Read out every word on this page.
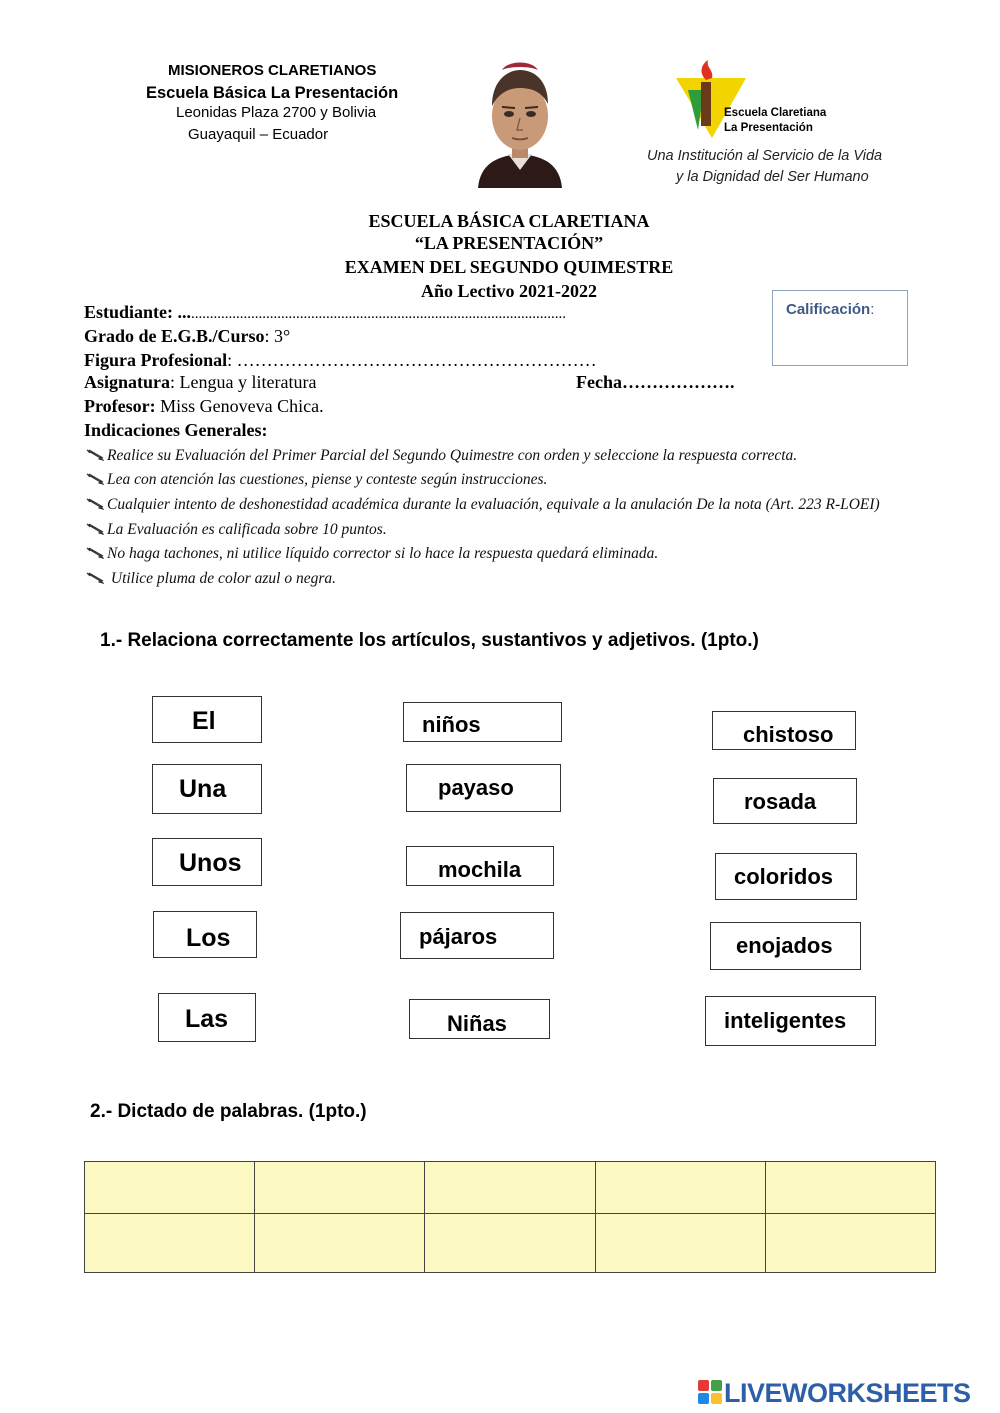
MISIONEROS CLARETIANOS
Escuela Básica La Presentación
Leonidas Plaza 2700 y Bolivia
Guayaquil – Ecuador
Escuela Claretiana
La Presentación
Una Institución al Servicio de la Vida
y la Dignidad del Ser Humano
ESCUELA BÁSICA CLARETIANA
“LA PRESENTACIÓN”
EXAMEN DEL SEGUNDO QUIMESTRE
Año Lectivo 2021-2022
Estudiante: .......................................................................................................
Grado de E.G.B./Curso: 3°
Figura Profesional: ……………………………………………………
Asignatura: Lengua y literatura	Fecha……………….
Profesor: Miss Genoveva Chica.
Indicaciones Generales:
Calificación:
Realice su Evaluación del Primer Parcial del Segundo Quimestre con orden y seleccione la respuesta correcta.
Lea con atención las cuestiones, piense y conteste según instrucciones.
Cualquier intento de deshonestidad académica durante la evaluación, equivale a la anulación De la nota (Art. 223 R-LOEI)
La Evaluación es calificada sobre 10 puntos.
No haga tachones, ni utilice líquido corrector si lo hace la respuesta quedará eliminada.
Utilice pluma de color azul o negra.
1.- Relaciona correctamente los artículos, sustantivos y adjetivos. (1pto.)
El
Una
Unos
Los
Las
niños
payaso
mochila
pájaros
Niñas
chistoso
rosada
coloridos
enojados
inteligentes
2.- Dictado de palabras. (1pto.)

LIVEWORKSHEETS
